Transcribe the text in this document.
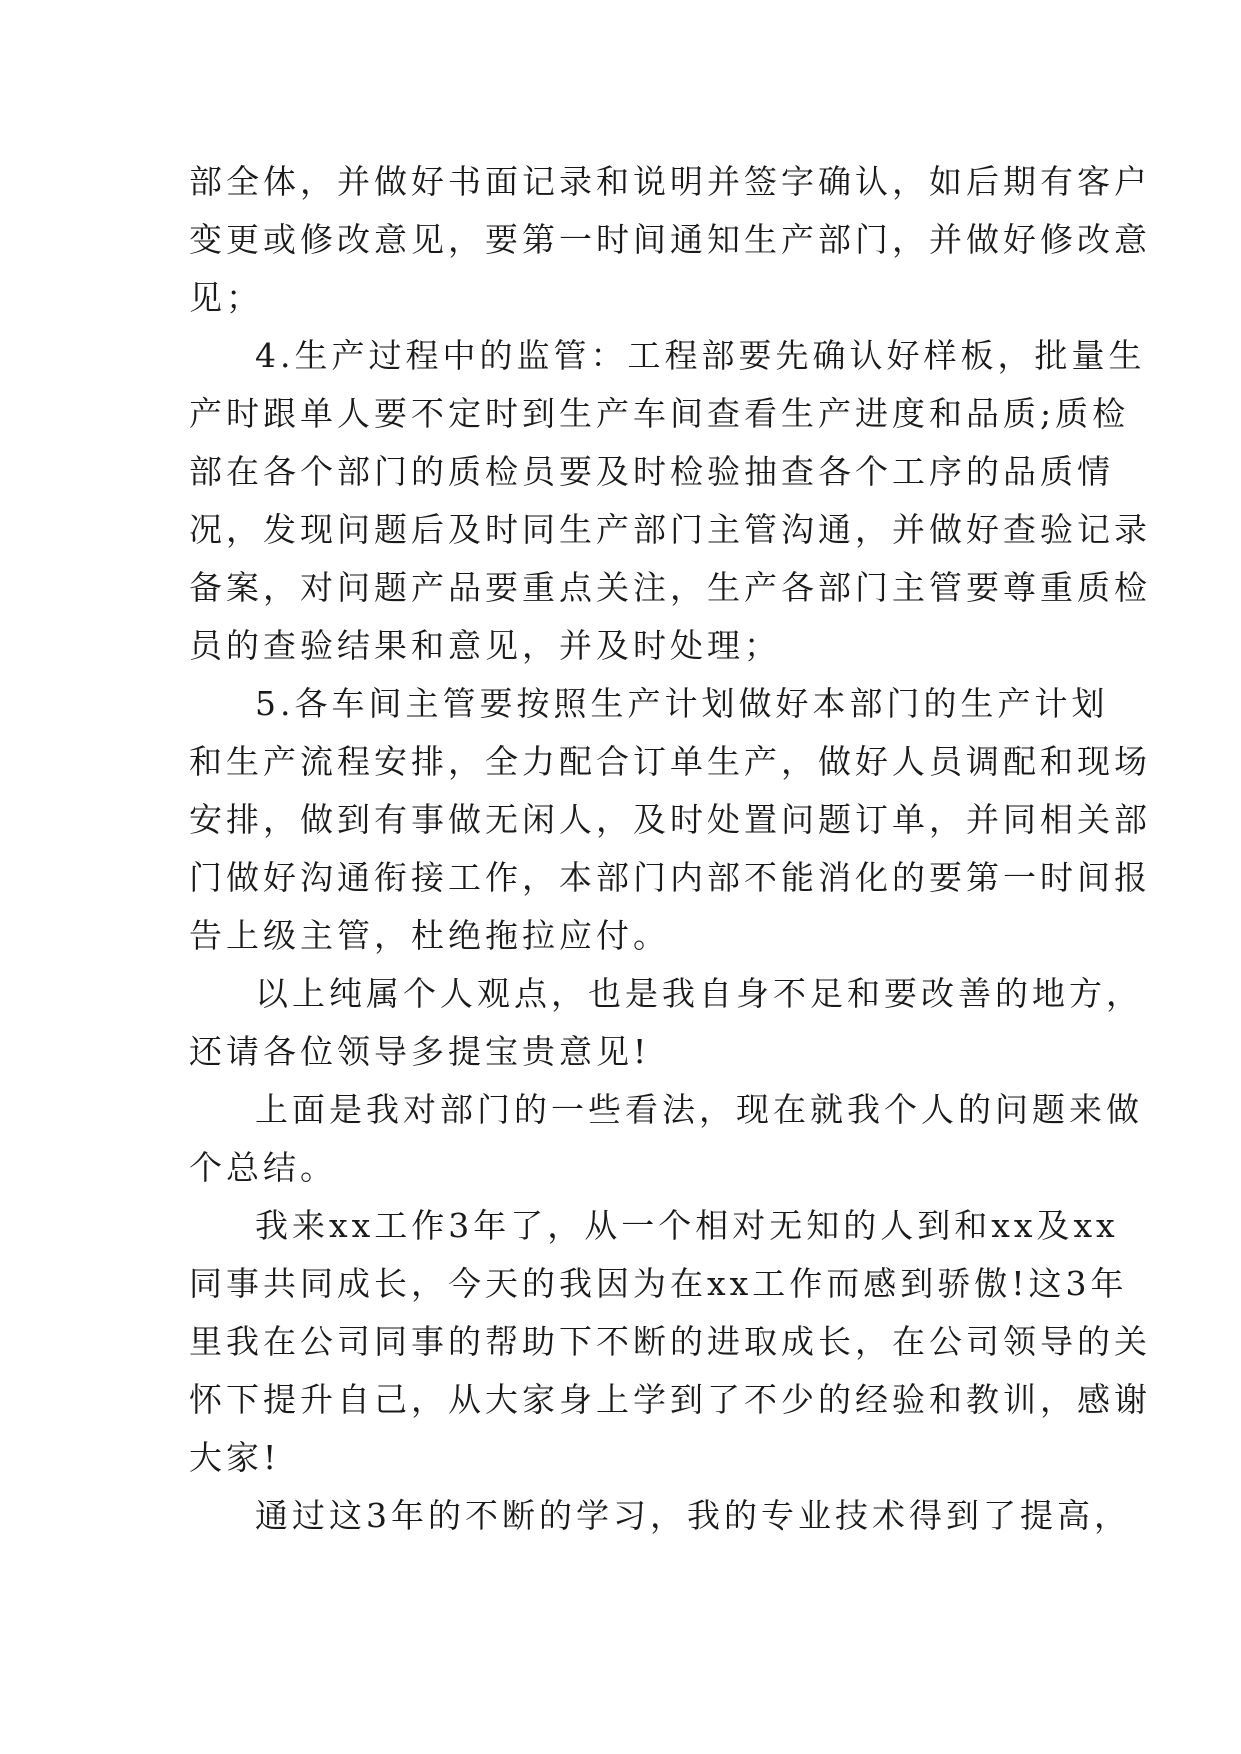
部全体，并做好书面记录和说明并签字确认，如后期有客户
变更或修改意见，要第一时间通知生产部门，并做好修改意
见；
4.生产过程中的监管：工程部要先确认好样板，批量生
产时跟单人要不定时到生产车间查看生产进度和品质;质检
部在各个部门的质检员要及时检验抽查各个工序的品质情
况，发现问题后及时同生产部门主管沟通，并做好查验记录
备案，对问题产品要重点关注，生产各部门主管要尊重质检
员的查验结果和意见，并及时处理；
5.各车间主管要按照生产计划做好本部门的生产计划
和生产流程安排，全力配合订单生产，做好人员调配和现场
安排，做到有事做无闲人，及时处置问题订单，并同相关部
门做好沟通衔接工作，本部门内部不能消化的要第一时间报
告上级主管，杜绝拖拉应付。
以上纯属个人观点，也是我自身不足和要改善的地方，
还请各位领导多提宝贵意见!
上面是我对部门的一些看法，现在就我个人的问题来做
个总结。
我来xx工作3年了，从一个相对无知的人到和xx及xx
同事共同成长，今天的我因为在xx工作而感到骄傲!这3年
里我在公司同事的帮助下不断的进取成长，在公司领导的关
怀下提升自己，从大家身上学到了不少的经验和教训，感谢
大家!
通过这3年的不断的学习，我的专业技术得到了提高，
